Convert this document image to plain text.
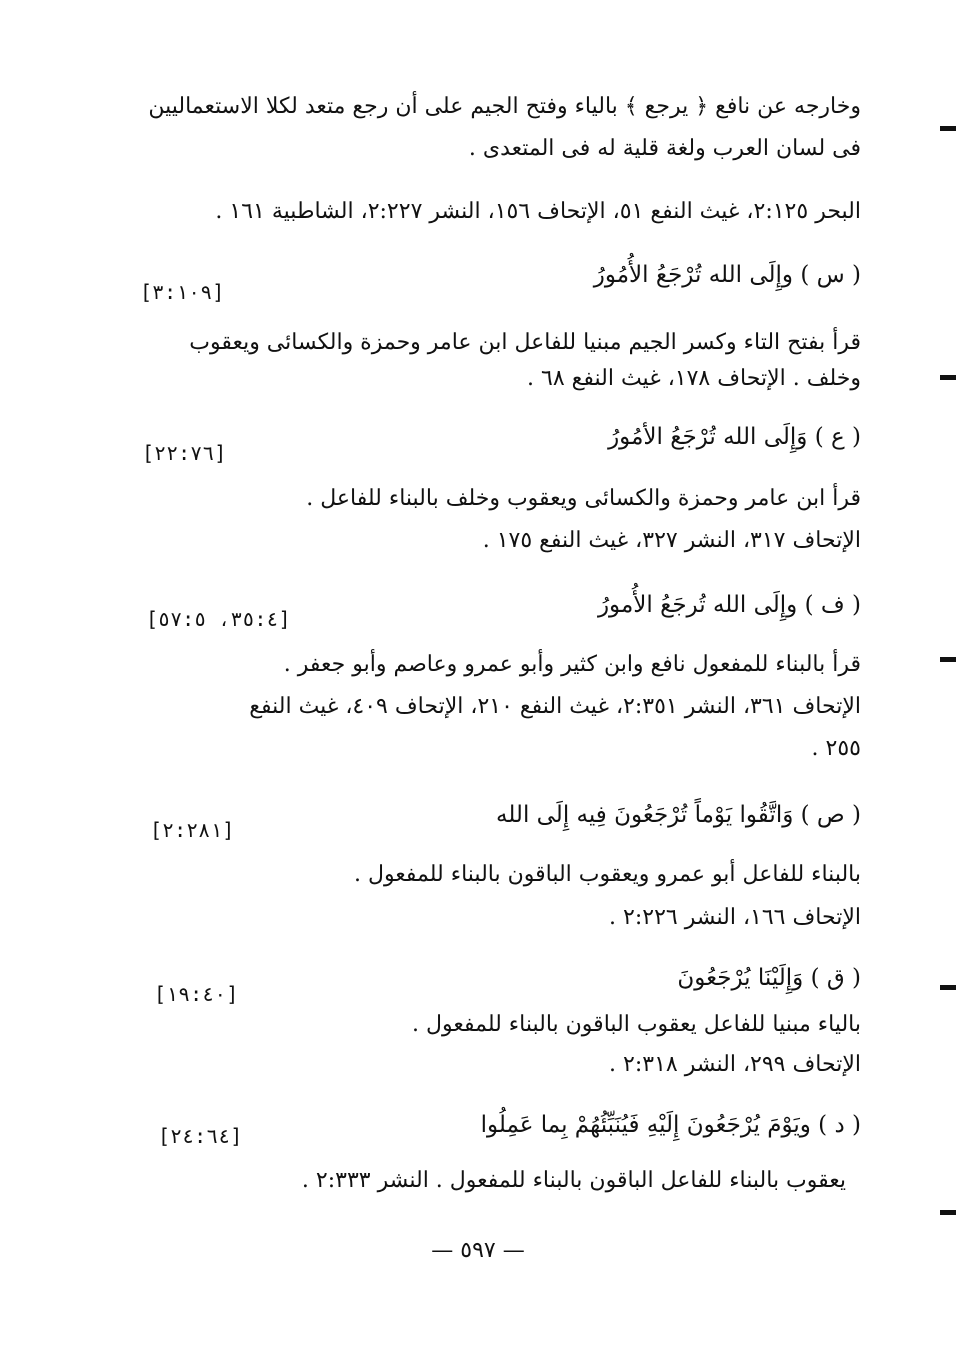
وخارجه عن نافع ﴿ يرجع ﴾ بالياء وفتح الجيم على أن رجع متعد لكلا الاستعماليين
فى لسان العرب ولغة قلية له فى المتعدى .
البحر ٢:١٢٥، غيث النفع ٥١، الإتحاف ١٥٦، النشر ٢:٢٢٧، الشاطبية ١٦١ .
( س ) وإِلَى الله تُرْجَعُ الأُمُورُ
[٣:١٠٩]
قرأ بفتح التاء وكسر الجيم مبنيا للفاعل ابن عامر وحمزة والكسائى ويعقوب
وخلف . الإتحاف ١٧٨، غيث النفع ٦٨ .
( ع ) وَإِلَى الله تُرْجَعُ الأمُورُ
[٢٢:٧٦]
قرأ ابن عامر وحمزة والكسائى ويعقوب وخلف بالبناء للفاعل .
الإتحاف ٣١٧، النشر ٣٢٧، غيث النفع ١٧٥ .
( ف ) وإِلَى الله تُرجَعُ الأُمورُ
[٣٥:٤، ٥٧:٥]
قرأ بالبناء للمفعول نافع وابن كثير وأبو عمرو وعاصم وأبو جعفر .
الإتحاف ٣٦١، النشر ٢:٣٥١، غيث النفع ٢١٠، الإتحاف ٤٠٩، غيث النفع
٢٥٥ .
( ص ) وَاتَّقُوا يَوْماً تُرْجَعُونَ فِيه إِلَى الله
[٢:٢٨١]
بالبناء للفاعل أبو عمرو ويعقوب الباقون بالبناء للمفعول .
الإتحاف ١٦٦، النشر ٢:٢٢٦ .
( ق ) وَإِلَيْنَا يُرْجَعُونَ
[١٩:٤٠]
بالياء مبنيا للفاعل يعقوب الباقون بالبناء للمفعول .
الإتحاف ٢٩٩، النشر ٢:٣١٨ .
( د ) ويَوْمَ يُرْجَعُونَ إِلَيْهِ فَيُنَبِّئُهُمْ بِما عَمِلُوا
[٢٤:٦٤]
يعقوب بالبناء للفاعل الباقون بالبناء للمفعول . النشر ٢:٣٣٣ .
— ٥٩٧ —
